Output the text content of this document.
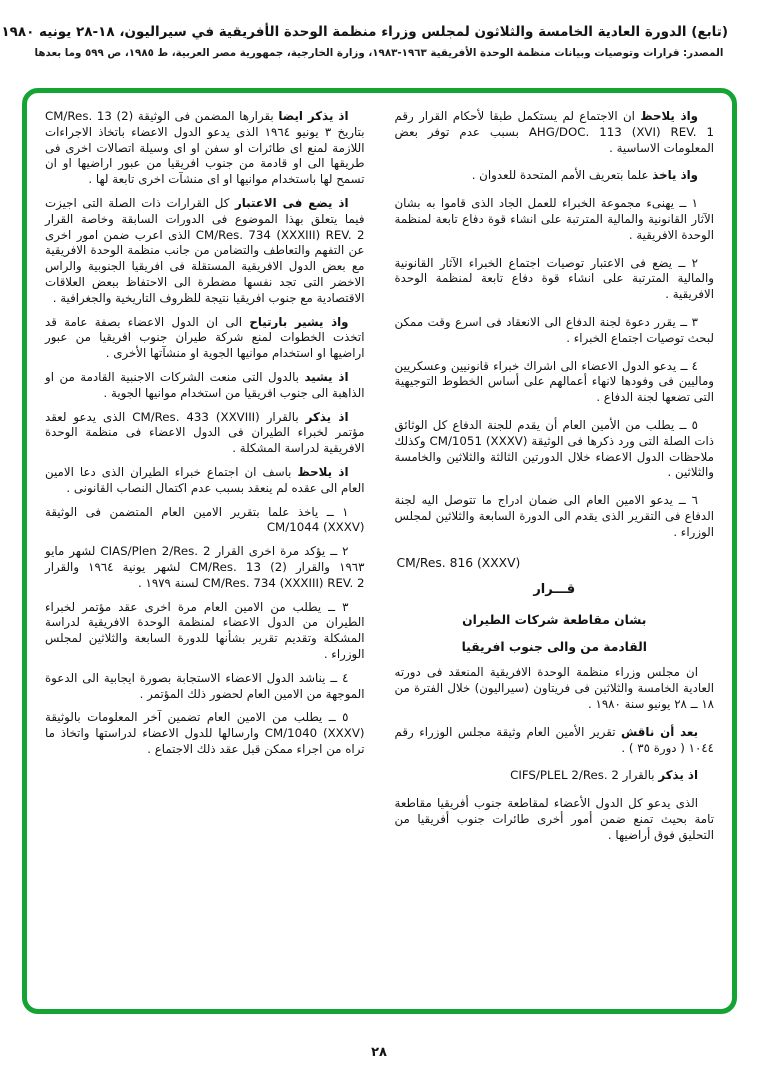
(تابع) الدورة العادية الخامسة والثلاثون لمجلس وزراء منظمة الوحدة الأفريقية في سيراليون، ١٨-٢٨ يونيه ١٩٨٠
المصدر: قرارات وتوصيات وبيانات منظمة الوحدة الأفريقية ١٩٦٣-١٩٨٣، وزارة الخارجية، جمهورية مصر العربية، ط ١٩٨٥، ص ٥٩٩ وما بعدها

واذ يلاحظ ان الاجتماع لم يستكمل طبقا لأحكام القرار رقم AHG/DOC. 113 (XVI) REV. 1 بسبب عدم توفر بعض المعلومات الاساسية .

واذ ياخذ علما بتعريف الأمم المتحدة للعدوان .

١ ــ يهنىء مجموعة الخبراء للعمل الجاد الذى قاموا به بشان الآثار القانونية والمالية المترتبة على انشاء قوة دفاع تابعة لمنظمة الوحدة الافريقية .

٢ ــ يضع فى الاعتبار توصيات اجتماع الخبراء الآثار القانونية والمالية المترتبة على انشاء قوة دفاع تابعة لمنظمة الوحدة الافريقية .

٣ ــ يقرر دعوة لجنة الدفاع الى الانعقاد فى اسرع وقت ممكن لبحث توصيات اجتماع الخبراء .

٤ ــ يدعو الدول الاعضاء الى اشراك خبراء قانونيين وعسكريين وماليين فى وفودها لانهاء أعمالهم على أساس الخطوط التوجيهية التى تضعها لجنة الدفاع .

٥ ــ يطلب من الأمين العام أن يقدم للجنة الدفاع كل الوثائق ذات الصلة التى ورد ذكرها فى الوثيقة CM/1051 (XXXV) وكذلك ملاحظات الدول الاعضاء خلال الدورتين الثالثة والثلاثين والخامسة والثلاثين .

٦ ــ يدعو الامين العام الى ضمان ادراج ما تتوصل اليه لجنة الدفاع فى التقرير الذى يقدم الى الدورة السابعة والثلاثين لمجلس الوزراء .

CM/Res. 816 (XXXV)

قـــرار

بشان مقاطعة شركات الطيران

القادمة من والى جنوب افريقيا

ان مجلس وزراء منظمة الوحدة الافريقية المنعقد فى دورته العادية الخامسة والثلاثين فى فريتاون (سيراليون) خلال الفترة من ١٨ ــ ٢٨ يونيو سنة ١٩٨٠ .

بعد أن ناقش تقرير الأمين العام وثيقة مجلس الوزراء رقم ١٠٤٤ ( دورة ٣٥ ) .

اذ يذكر بالقرار CIFS/PLEL 2/Res. 2

الذى يدعو كل الدول الأعضاء لمقاطعة جنوب أفريقيا مقاطعة تامة بحيث تمنع ضمن أمور أخرى طائرات جنوب أفريقيا من التحليق فوق أراضيها .

اذ يذكر ايضا بقرارها المضمن فى الوثيقة CM/Res. 13 (2) بتاريخ ٣ يونيو ١٩٦٤ الذى يدعو الدول الاعضاء باتخاذ الاجراءات اللازمة لمنع اى طائرات او سفن او اى وسيلة اتصالات اخرى فى طريقها الى او قادمة من جنوب افريقيا من عبور اراضيها او ان تسمح لها باستخدام موانيها او اى منشآت اخرى تابعة لها .

اذ يضع فى الاعتبار كل القرارات ذات الصلة التى اجيزت فيما يتعلق بهذا الموضوع فى الدورات السابقة وخاصة القرار CM/Res. 734 (XXXIII) REV. 2 الذى اعرب ضمن امور اخرى عن التفهم والتعاطف والتضامن من جانب منظمة الوحدة الافريقية مع بعض الدول الافريقية المستقلة فى افريقيا الجنوبية والراس الاخضر التى تجد نفسها مضطرة الى الاحتفاظ ببعض العلاقات الاقتصادية مع جنوب افريقيا نتيجة للظروف التاريخية والجغرافية .

واذ يشير بارتياح الى ان الدول الاعضاء بصفة عامة قد اتخذت الخطوات لمنع شركة طيران جنوب افريقيا من عبور اراضيها او استخدام موانيها الجوية او منشآتها الأخرى .

اذ يشيد بالدول التى منعت الشركات الاجنبية القادمة من او الذاهبة الى جنوب افريقيا من استخدام موانيها الجوية .

اذ يذكر بالقرار CM/Res. 433 (XXVIII) الذى يدعو لعقد مؤتمر لخبراء الطيران فى الدول الاعضاء فى منظمة الوحدة الافريقية لدراسة المشكلة .

اذ يلاحظ باسف ان اجتماع خبراء الطيران الذى دعا الامين العام الى عقده لم ينعقد بسبب عدم اكتمال النصاب القانونى .

١ ــ ياخذ علما بتقرير الامين العام المتضمن فى الوثيقة CM/1044 (XXXV)

٢ ــ يؤكد مرة اخرى القرار CIAS/Plen 2/Res. 2 لشهر مايو ١٩٦٣ والقرار CM/Res. 13 (2) لشهر يونية ١٩٦٤ والقرار CM/Res. 734 (XXXIII) REV. 2 لسنة ١٩٧٩ .

٣ ــ يطلب من الامين العام مرة اخرى عقد مؤتمر لخبراء الطيران من الدول الاعضاء لمنظمة الوحدة الافريقية لدراسة المشكلة وتقديم تقرير بشأنها للدورة السابعة والثلاثين لمجلس الوزراء .

٤ ــ يناشد الدول الاعضاء الاستجابة بصورة ايجابية الى الدعوة الموجهة من الامين العام لحضور ذلك المؤتمر .

٥ ــ يطلب من الامين العام تضمين آخر المعلومات بالوثيقة CM/1040 (XXXV) وارسالها للدول الاعضاء لدراستها واتخاذ ما تراه من اجراء ممكن قبل عقد ذلك الاجتماع .

٢٨
